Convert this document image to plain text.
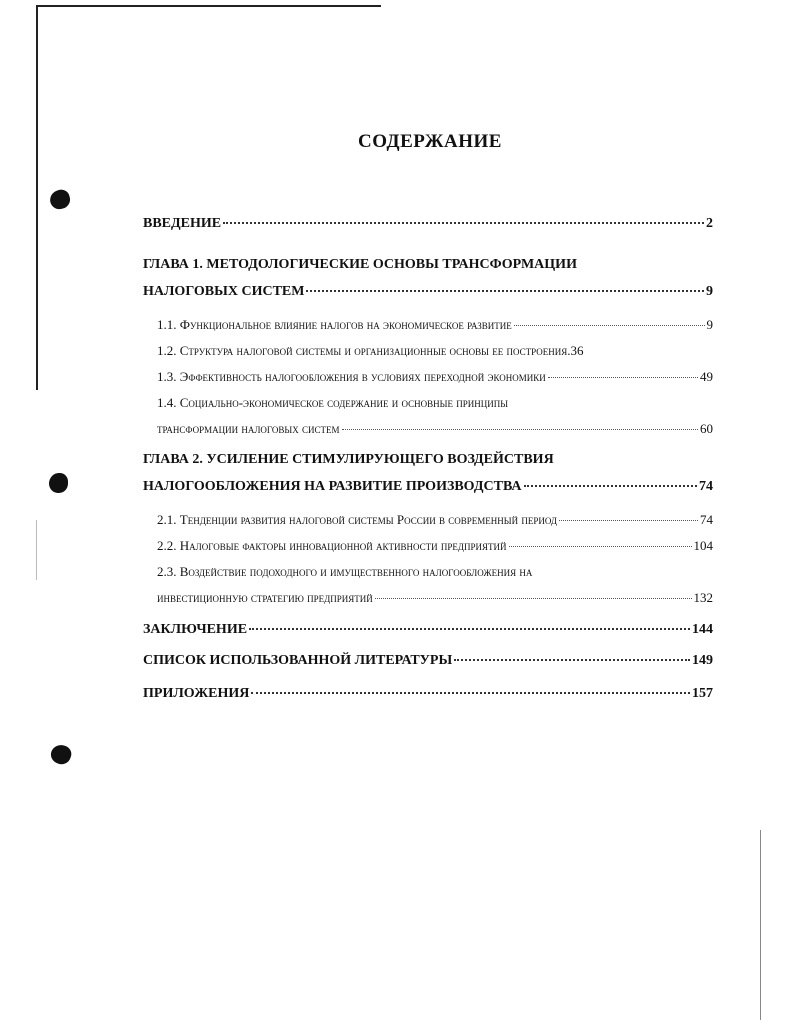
СОДЕРЖАНИЕ
ВВЕДЕНИЕ	2
ГЛАВА 1. МЕТОДОЛОГИЧЕСКИЕ ОСНОВЫ ТРАНСФОРМАЦИИ
НАЛОГОВЫХ СИСТЕМ	9
1.1. Функциональное влияние налогов на экономическое развитие	9
1.2. Структура налоговой системы и организационные основы ее построения .36
1.3. Эффективность налогообложения в условиях переходной экономики	49
1.4. Социально-экономическое содержание и основные принципы
трансформации налоговых систем	60
ГЛАВА 2. УСИЛЕНИЕ СТИМУЛИРУЮЩЕГО ВОЗДЕЙСТВИЯ
НАЛОГООБЛОЖЕНИЯ НА РАЗВИТИЕ ПРОИЗВОДСТВА	74
2.1. Тенденции развития налоговой системы России в современный период	74
2.2. Налоговые факторы инновационной активности предприятий	104
2.3. Воздействие подоходного и имущественного налогообложения на
инвестиционную стратегию предприятий	132
ЗАКЛЮЧЕНИЕ	144
СПИСОК ИСПОЛЬЗОВАННОЙ ЛИТЕРАТУРЫ	149
ПРИЛОЖЕНИЯ	157
